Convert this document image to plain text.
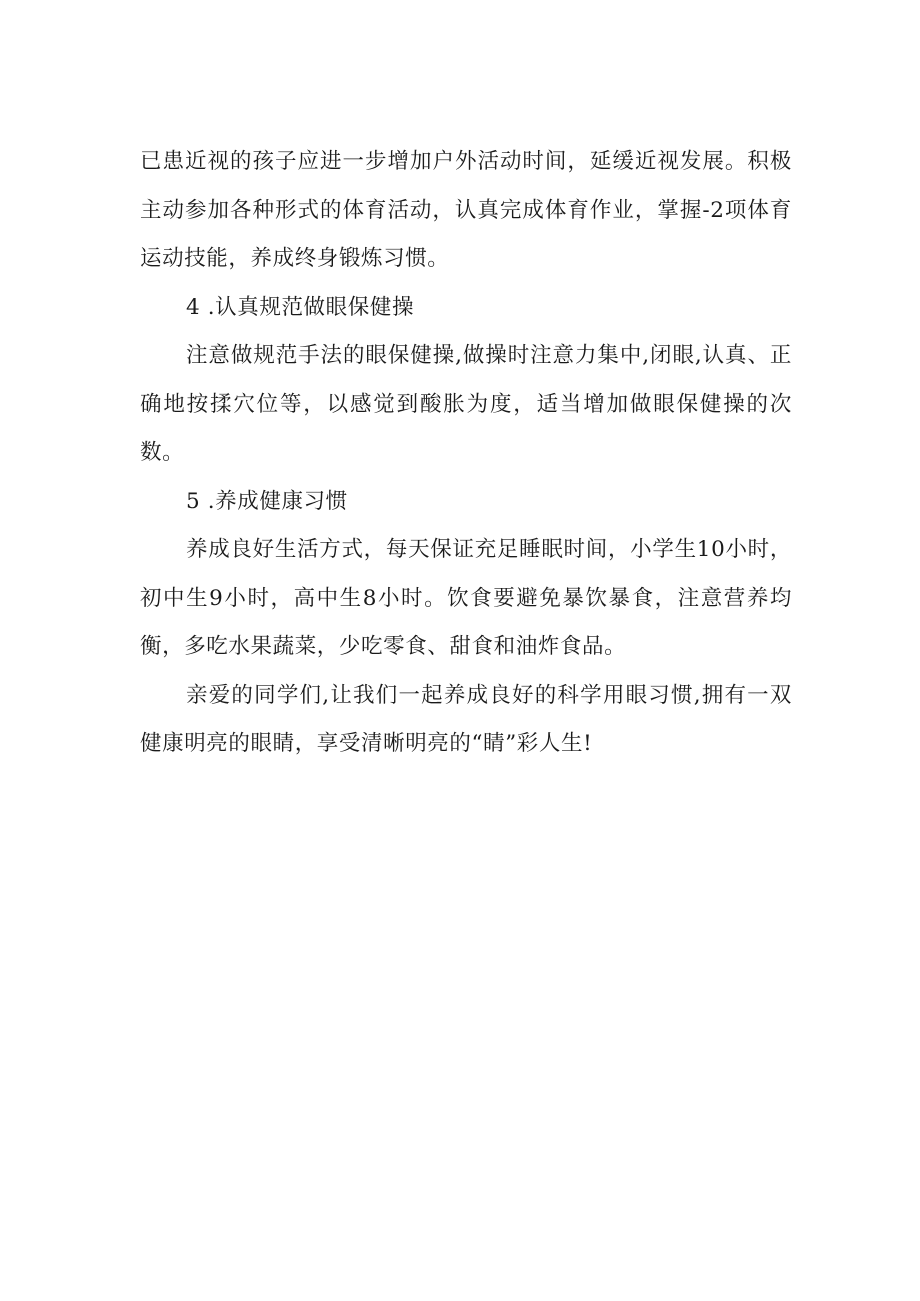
已患近视的孩子应进一步增加户外活动时间，延缓近视发展。积极主动参加各种形式的体育活动，认真完成体育作业，掌握-2项体育运动技能，养成终身锻炼习惯。

4 .认真规范做眼保健操

注意做规范手法的眼保健操,做操时注意力集中,闭眼,认真、正确地按揉穴位等，以感觉到酸胀为度，适当增加做眼保健操的次数。

5 .养成健康习惯

养成良好生活方式，每天保证充足睡眠时间，小学生10小时，初中生9小时，高中生8小时。饮食要避免暴饮暴食，注意营养均衡，多吃水果蔬菜，少吃零食、甜食和油炸食品。

亲爱的同学们,让我们一起养成良好的科学用眼习惯,拥有一双健康明亮的眼睛，享受清晰明亮的“睛”彩人生!
